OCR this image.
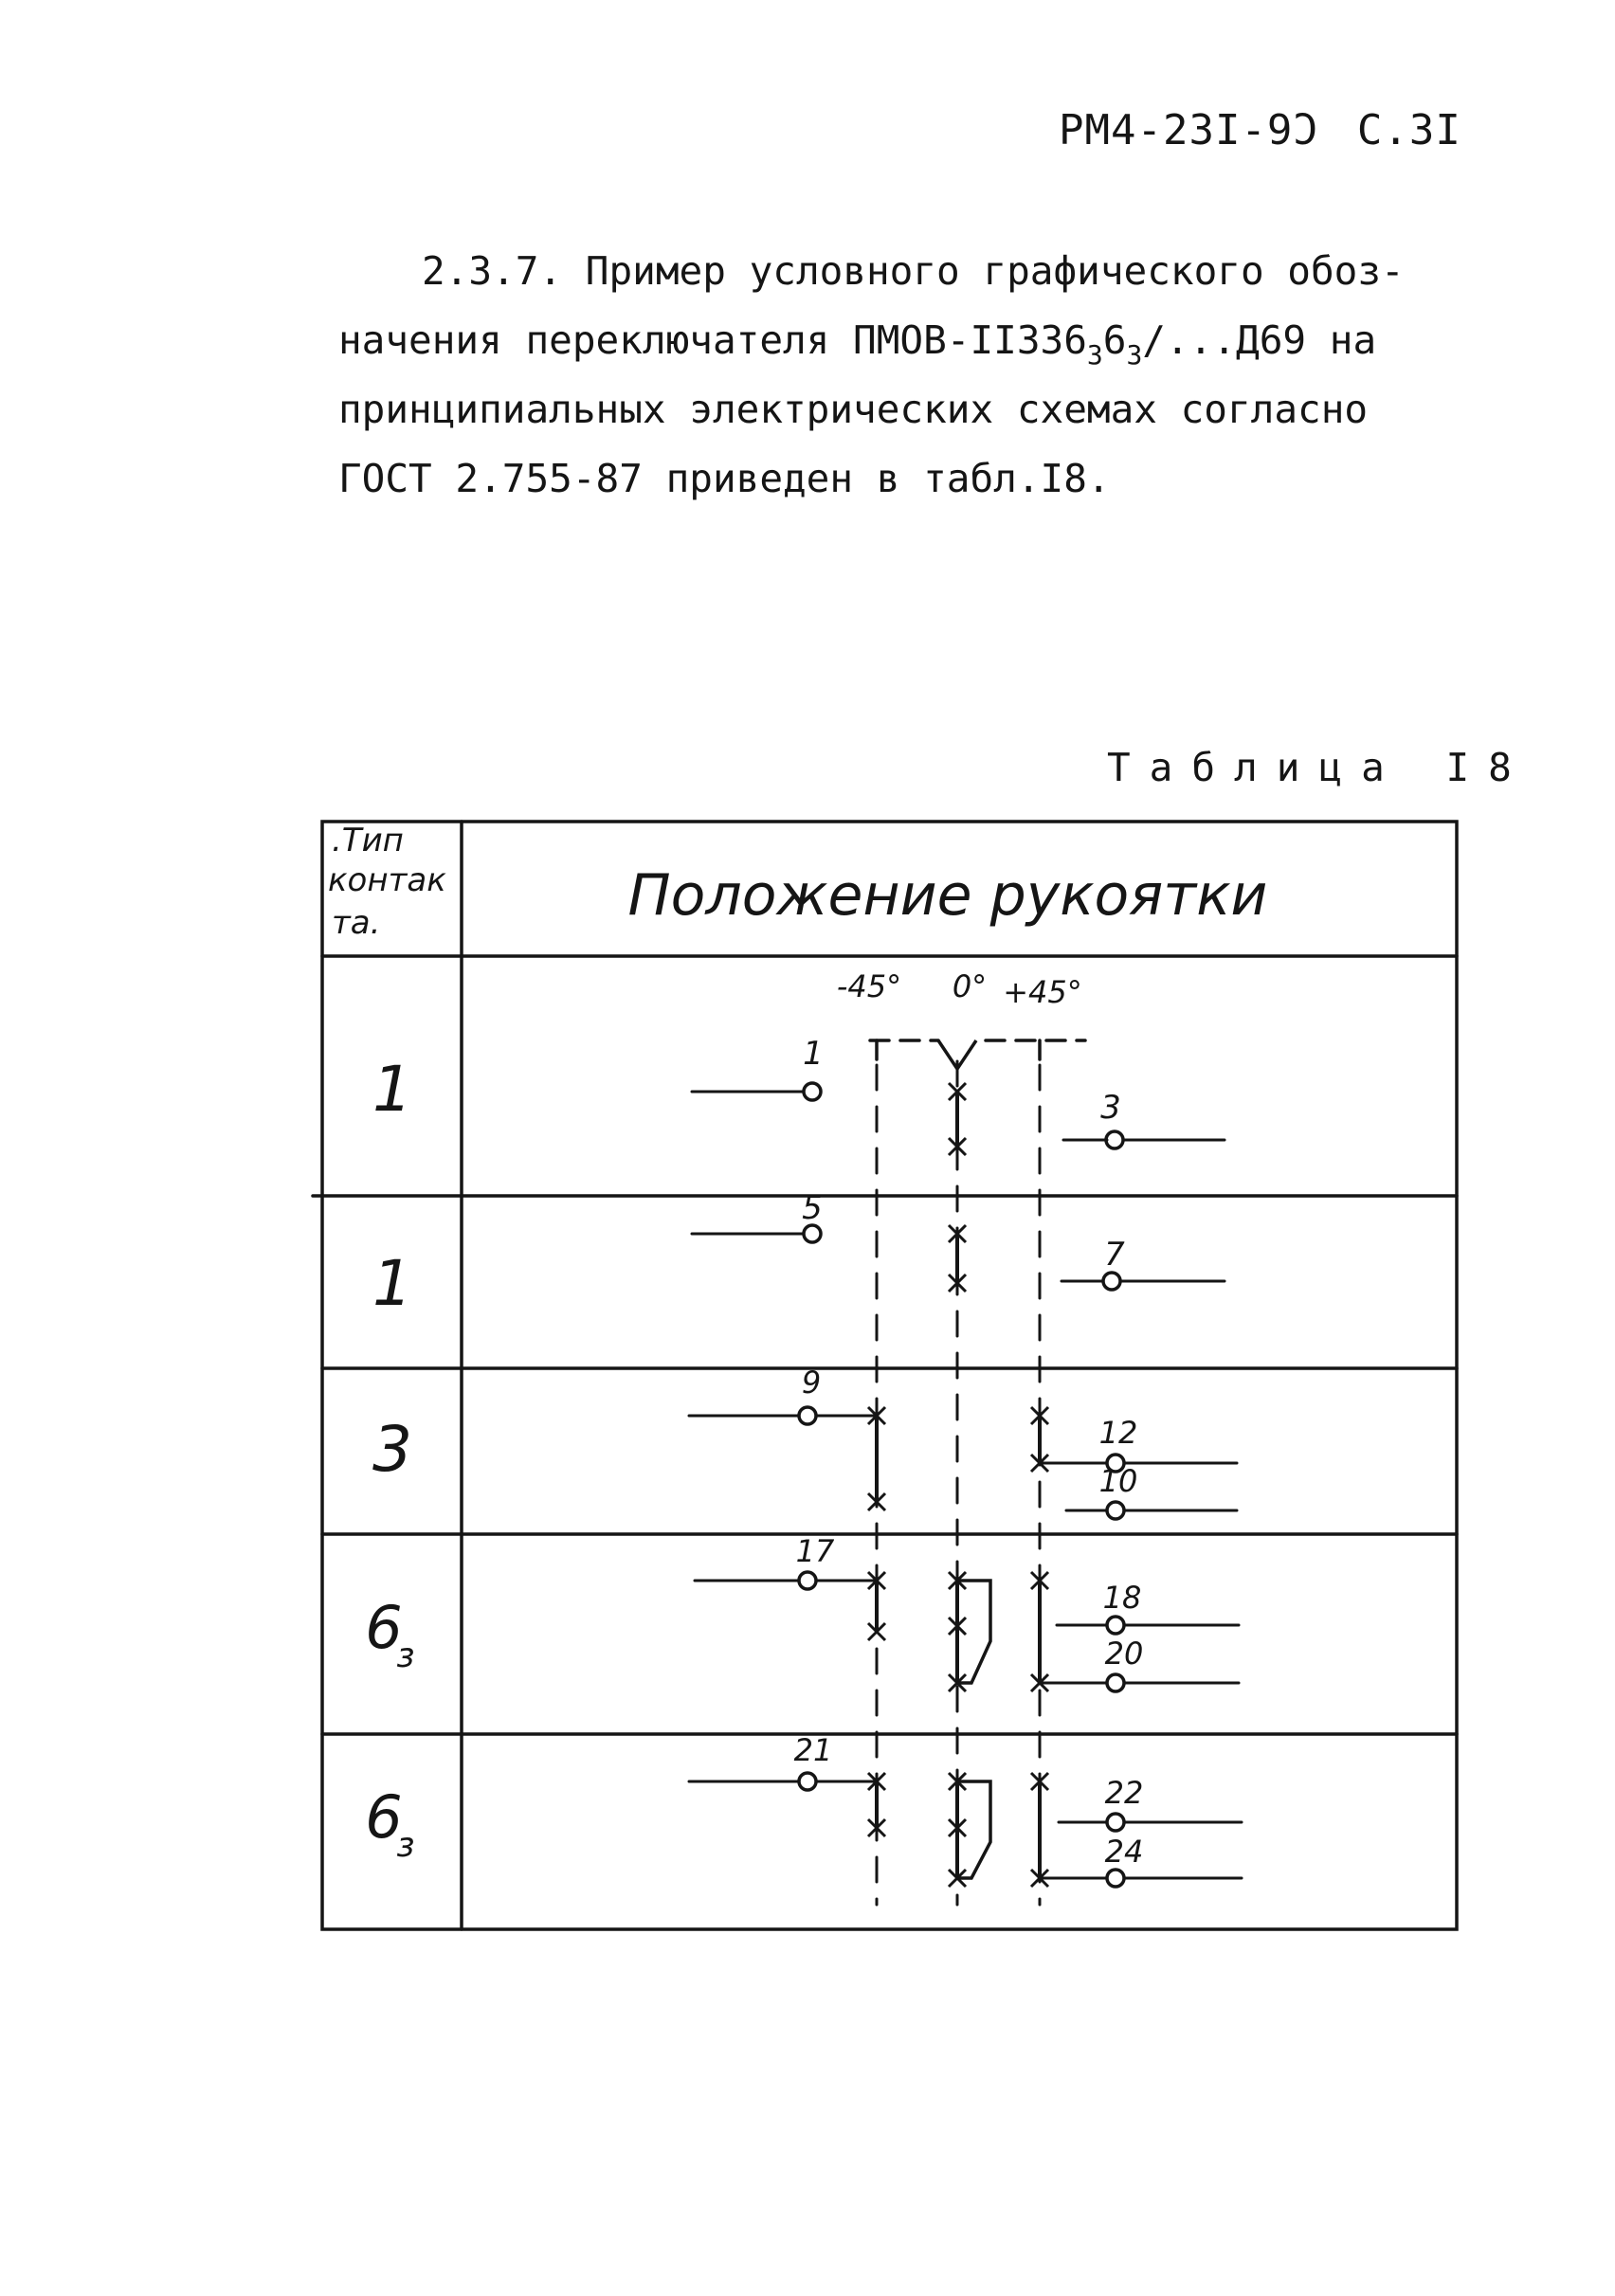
РМ4-23I-9Ͻ С.3I
2.3.7. Пример условного графического обоз-
начения переключателя ПМОВ-$II336_36_3/...Д69$ на
принципиальных электрических схемах согласно
ГОСТ 2.755-87 приведен в табл.I8.
Таблица I8
.Тип
контак
та.	Положение рукоятки
-45° 0° +45°
1	1
3
1
5
7
3
9
12
10
6
з
17
18
20
6
з
21
22
24
